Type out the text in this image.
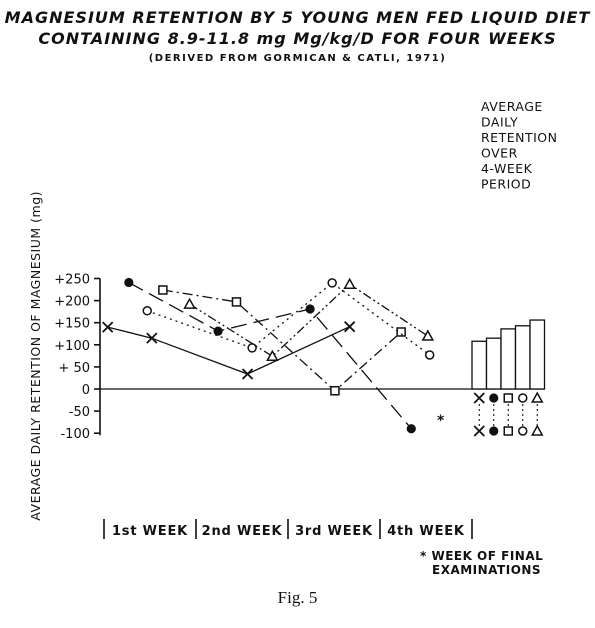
MAGNESIUM RETENTION BY 5 YOUNG MEN FED LIQUID DIET
CONTAINING 8.9-11.8 mg Mg/kg/D FOR FOUR WEEKS
(DERIVED FROM GORMICAN & CATLI, 1971)
+250
+200
+150
+100
+ 50
0
-50
-100
AVERAGE DAILY RETENTION OF MAGNESIUM (mg)
1st WEEK 2nd WEEK 3rd WEEK 4th WEEK
*
* WEEK OF FINAL
EXAMINATIONS
AVERAGE
DAILY
RETENTION
OVER
4-WEEK
PERIOD
Fig. 5
